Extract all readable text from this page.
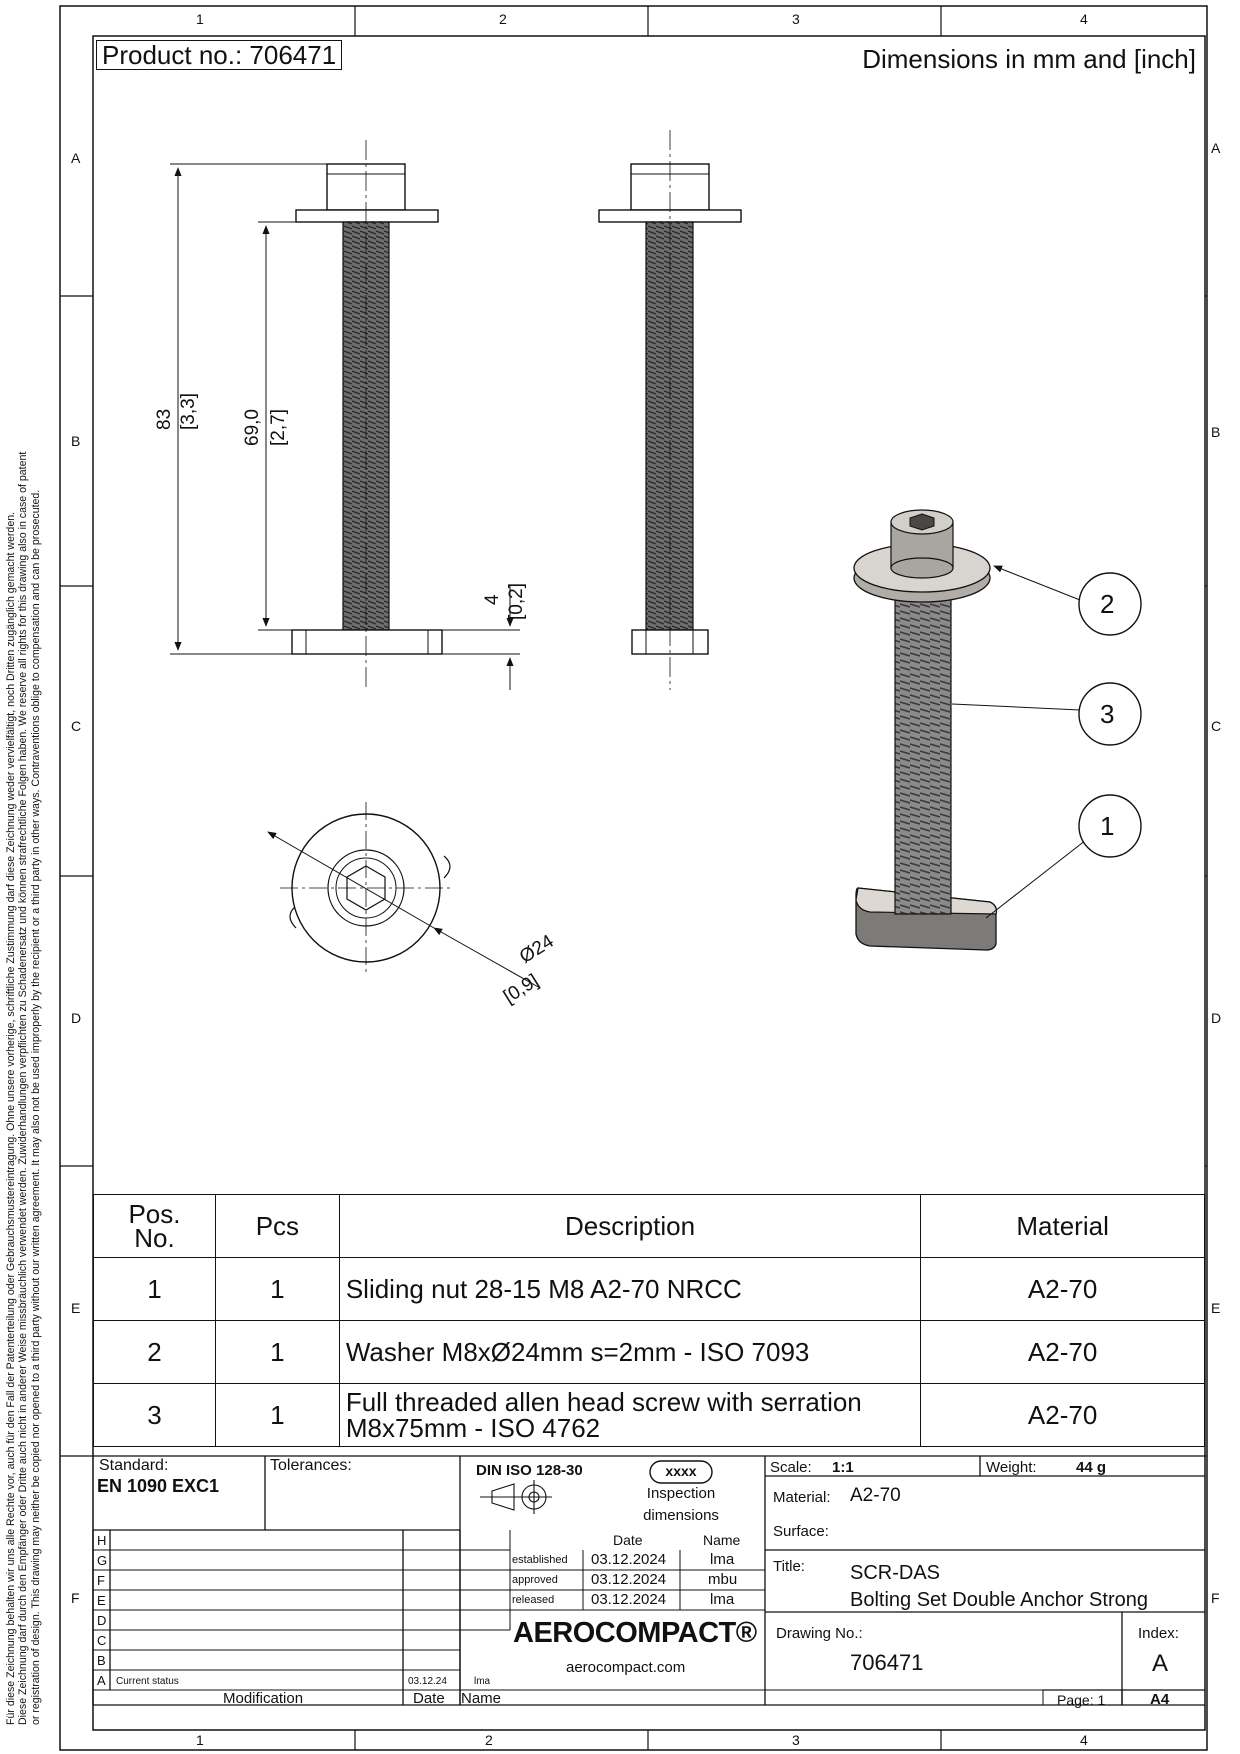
Für diese Zeichnung behalten wir uns alle Rechte vor, auch für den Fall der Patenterteilung oder Gebrauchsmustereintragung. Ohne unsere vorherige, schriftliche Zustimmung darf diese Zeichnung weder vervielfältigt, noch Dritten zugänglich gemacht werden. Diese Zeichnung darf durch den Empfänger oder Dritte auch nicht in anderer Weise missbräuchlich verwendet werden. Zuwiderhandlungen verpflichten zu Schadenersatz und können strafrechtliche Folgen haben. We reserve all rights for this drawing also in case of patent or registration of design. This drawing may neither be copied nor opened to a third party without our written agreement. It may also not be used improperly by the recipient or a third party in other ways. Contraventions oblige to compensation and can be prosecuted.
1	2	3	4
1	2	3	4
A
B
C
D
E
F
A
B
C
D
E
F
Product no.: 706471	Dimensions in mm and [inch]
83 [3,3] 69,0 [2,7]
4 [0,2]
Ø24
[0,9]
2
3
1
Pos.
No.	Pcs	Description	Material
1	1	Sliding nut 28-15 M8 A2-70 NRCC	A2-70
2	1	Washer M8xØ24mm s=2mm - ISO 7093	A2-70
3	1	Full threaded allen head screw with serration
M8x75mm - ISO 4762	A2-70
Standard:
EN 1090 EXC1
Tolerances:	DIN ISO 128-30	xxxx
Inspection
dimensions
Scale: 1:1	Weight:	44 g
Material: A2-70
Surface:
Title: SCR-DAS
Bolting Set Double Anchor Strong
Drawing No.:
706471
Index:
A
Page: 1	A4
H
G
F
E
D
C
B
A Current status	03.12.24	lma
Modification	Date Name
Date	Name
established 03.12.2024	lma
approved 03.12.2024	mbu
released 03.12.2024	lma
AEROCOMPACT®
aerocompact.com
